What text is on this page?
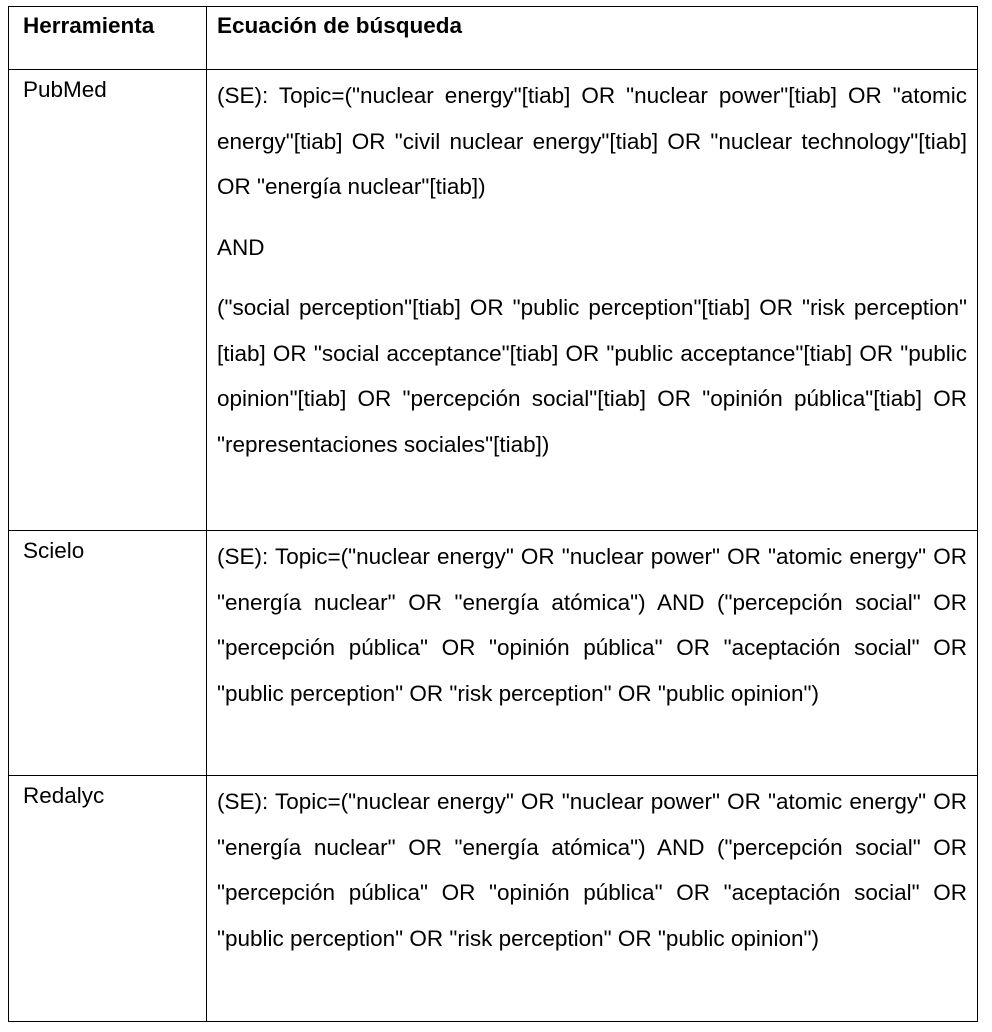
Herramienta	Ecuación de búsqueda

PubMed	(SE): Topic=("nuclear energy"[tiab] OR "nuclear power"[tiab] OR "atomic energy"[tiab] OR "civil nuclear energy"[tiab] OR "nuclear technology"[tiab] OR "energía nuclear"[tiab])

AND

("social perception"[tiab] OR "public perception"[tiab] OR "risk perception"[tiab] OR "social acceptance"[tiab] OR "public acceptance"[tiab] OR "public opinion"[tiab] OR "percepción social"[tiab] OR "opinión pública"[tiab] OR "representaciones sociales"[tiab])

Scielo	(SE): Topic=("nuclear energy" OR "nuclear power" OR "atomic energy" OR "energía nuclear" OR "energía atómica") AND ("percepción social" OR "percepción pública" OR "opinión pública" OR "aceptación social" OR "public perception" OR "risk perception" OR "public opinion")

Redalyc	(SE): Topic=("nuclear energy" OR "nuclear power" OR "atomic energy" OR "energía nuclear" OR "energía atómica") AND ("percepción social" OR "percepción pública" OR "opinión pública" OR "aceptación social" OR "public perception" OR "risk perception" OR "public opinion")
